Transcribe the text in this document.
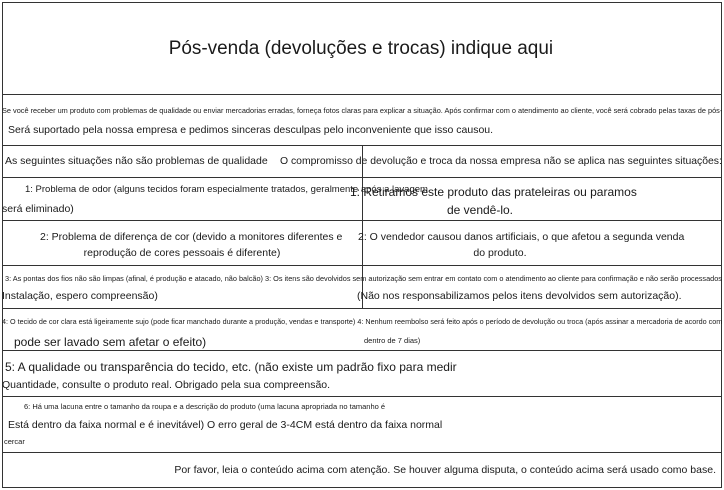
Pós-venda (devoluções e trocas) indique aqui
Se você receber um produto com problemas de qualidade ou enviar mercadorias erradas, forneça fotos claras para explicar a situação. Após confirmar com o atendimento ao cliente, você será cobrado pelas taxas de pós-
Será suportado pela nossa empresa e pedimos sinceras desculpas pelo inconveniente que isso causou.
As seguintes situações não são problemas de qualidade O compromisso de devolução e troca da nossa empresa não se aplica nas seguintes situações:
1: Problema de odor (alguns tecidos foram especialmente tratados, geralmente após a lavagem
será eliminado)
1: Retiramos este produto das prateleiras ou paramos
de vendê-lo.
2: Problema de diferença de cor (devido a monitores diferentes e
reprodução de cores pessoais é diferente)
2: O vendedor causou danos artificiais, o que afetou a segunda venda
do produto.
3: As pontas dos fios não são limpas (afinal, é produção e atacado, não balcão) 3: Os itens são devolvidos sem autorização sem entrar em contato com o atendimento ao cliente para confirmação e não serão processados
Instalação, espero compreensão)	(Não nos responsabilizamos pelos itens devolvidos sem autorização).
4: O tecido de cor clara está ligeiramente sujo (pode ficar manchado durante a produção, vendas e transporte) 4: Nenhum reembolso será feito após o período de devolução ou troca (após assinar a mercadoria de acordo com
dentro de 7 dias)
pode ser lavado sem afetar o efeito)
5: A qualidade ou transparência do tecido, etc. (não existe um padrão fixo para medir
Quantidade, consulte o produto real. Obrigado pela sua compreensão.
6: Há uma lacuna entre o tamanho da roupa e a descrição do produto (uma lacuna apropriada no tamanho é
Está dentro da faixa normal e é inevitável) O erro geral de 3-4CM está dentro da faixa normal
cercar
Por favor, leia o conteúdo acima com atenção. Se houver alguma disputa, o conteúdo acima será usado como base.
